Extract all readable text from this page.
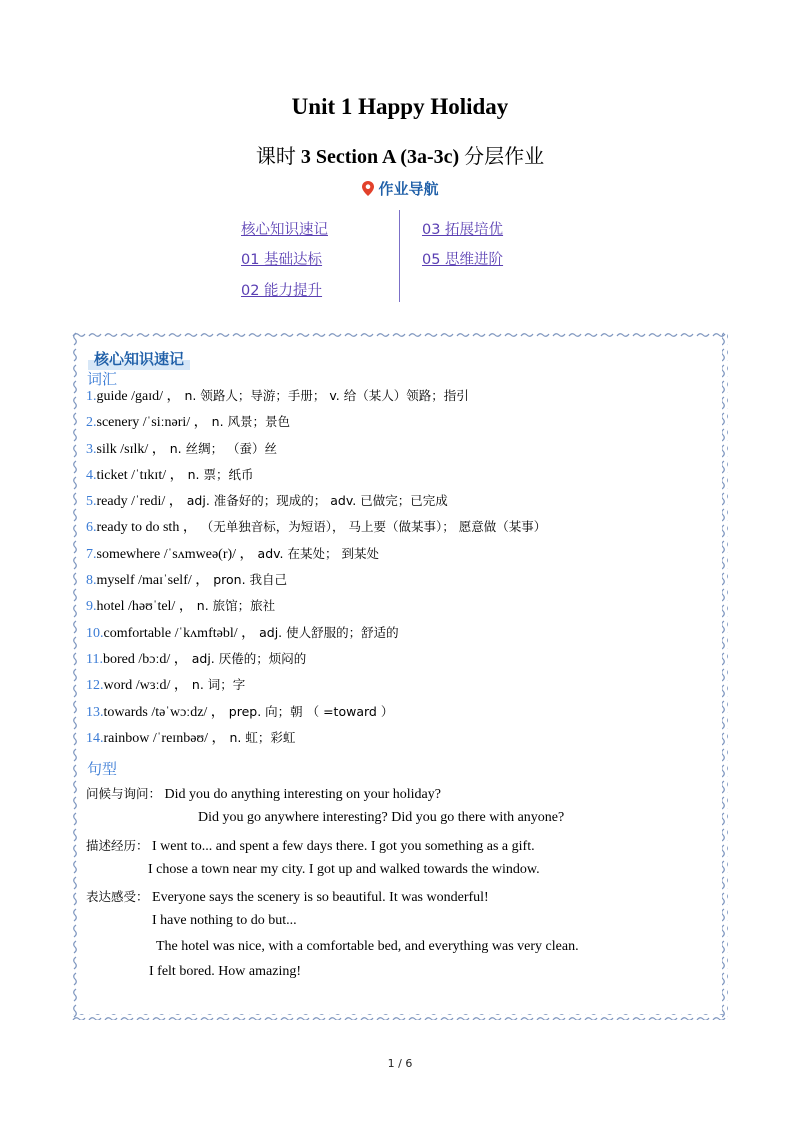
Unit 1 Happy Holiday
课时 3 Section A (3a-3c) 分层作业
作业导航
核心知识速记
01 基础达标
02 能力提升
03 拓展培优
05 思维进阶
核心知识速记
词汇
1.guide /gaɪd/ ， n. 领路人；导游；手册； v. 给（某人）领路；指引
2.scenery /ˈsiːnəri/ ， n. 风景；景色
3.silk /sɪlk/ ， n. 丝绸； （蚕）丝
4.ticket /ˈtɪkɪt/ ， n. 票；纸币
5.ready /ˈredi/ ， adj. 准备好的；现成的； adv. 已做完；已完成
6.ready to do sth ， （无单独音标，为短语）， 马上要（做某事）； 愿意做（某事）
7.somewhere /ˈsʌmweə(r)/ ， adv. 在某处； 到某处
8.myself /maɪˈself/ ， pron. 我自己
9.hotel /həʊˈtel/ ， n. 旅馆；旅社
10.comfortable /ˈkʌmftəbl/ ， adj. 使人舒服的；舒适的
11.bored /bɔːd/ ， adj. 厌倦的；烦闷的
12.word /wɜːd/ ， n. 词；字
13.towards /təˈwɔːdz/ ， prep. 向；朝 （ =toward ）
14.rainbow /ˈreɪnbəʊ/ ， n. 虹；彩虹
句型
问候与询问： Did you do anything interesting on your holiday?
Did you go anywhere interesting? Did you go there with anyone?
描述经历： I went to... and spent a few days there. I got you something as a gift.
I chose a town near my city. I got up and walked towards the window.
表达感受： Everyone says the scenery is so beautiful. It was wonderful!
I have nothing to do but...
The hotel was nice, with a comfortable bed, and everything was very clean.
I felt bored. How amazing!
1 / 6
